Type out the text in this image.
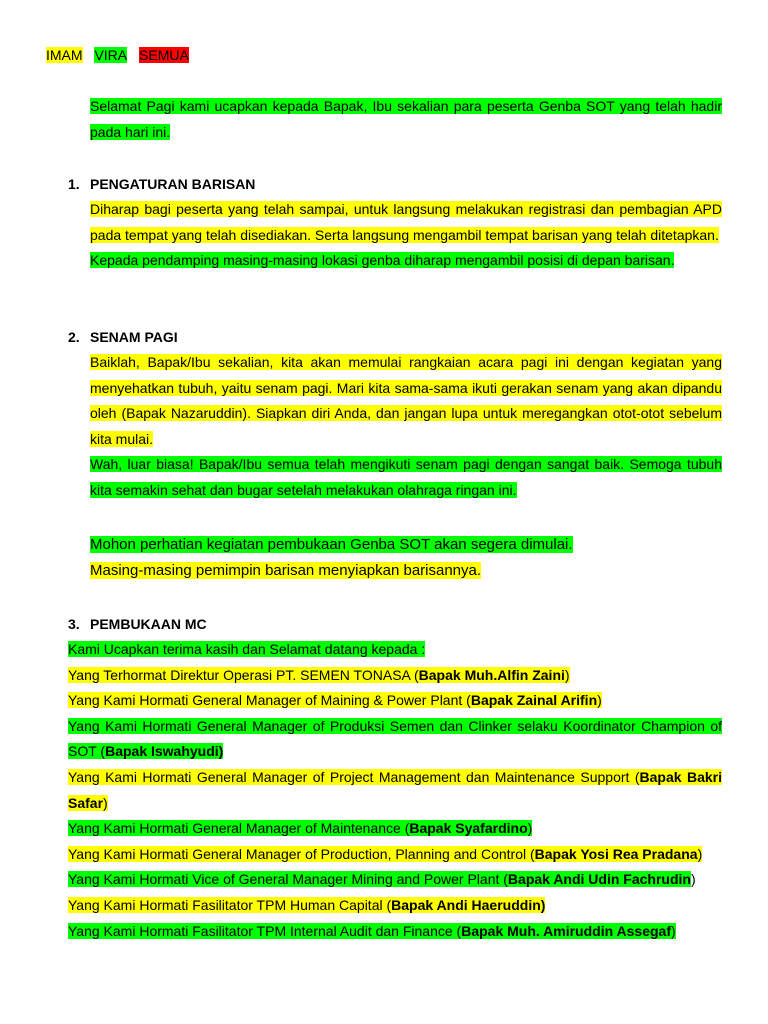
IMAM VIRA SEMUA
Selamat Pagi kami ucapkan kepada Bapak, Ibu sekalian para peserta Genba SOT yang telah hadir pada hari ini.
1. PENGATURAN BARISAN
Diharap bagi peserta yang telah sampai, untuk langsung melakukan registrasi dan pembagian APD pada tempat yang telah disediakan. Serta langsung mengambil tempat barisan yang telah ditetapkan.
Kepada pendamping masing-masing lokasi genba diharap mengambil posisi di depan barisan.
2. SENAM PAGI
Baiklah, Bapak/Ibu sekalian, kita akan memulai rangkaian acara pagi ini dengan kegiatan yang menyehatkan tubuh, yaitu senam pagi. Mari kita sama-sama ikuti gerakan senam yang akan dipandu oleh (Bapak Nazaruddin). Siapkan diri Anda, dan jangan lupa untuk meregangkan otot-otot sebelum kita mulai.
Wah, luar biasa! Bapak/Ibu semua telah mengikuti senam pagi dengan sangat baik. Semoga tubuh kita semakin sehat dan bugar setelah melakukan olahraga ringan ini.
Mohon perhatian kegiatan pembukaan Genba SOT akan segera dimulai.
Masing-masing pemimpin barisan menyiapkan barisannya.
3. PEMBUKAAN MC
Kami Ucapkan terima kasih dan Selamat datang kepada :
Yang Terhormat Direktur Operasi PT. SEMEN TONASA (Bapak Muh.Alfin Zaini)
Yang Kami Hormati General Manager of Maining & Power Plant (Bapak Zainal Arifin)
Yang Kami Hormati General Manager of Produksi Semen dan Clinker selaku Koordinator Champion of SOT (Bapak Iswahyudi)
Yang Kami Hormati General Manager of Project Management dan Maintenance Support (Bapak Bakri Safar)
Yang Kami Hormati General Manager of Maintenance (Bapak Syafardino)
Yang Kami Hormati General Manager of Production, Planning and Control (Bapak Yosi Rea Pradana)
Yang Kami Hormati Vice of General Manager Mining and Power Plant (Bapak Andi Udin Fachrudin)
Yang Kami Hormati Fasilitator TPM Human Capital (Bapak Andi Haeruddin)
Yang Kami Hormati Fasilitator TPM Internal Audit dan Finance (Bapak Muh. Amiruddin Assegaf)
